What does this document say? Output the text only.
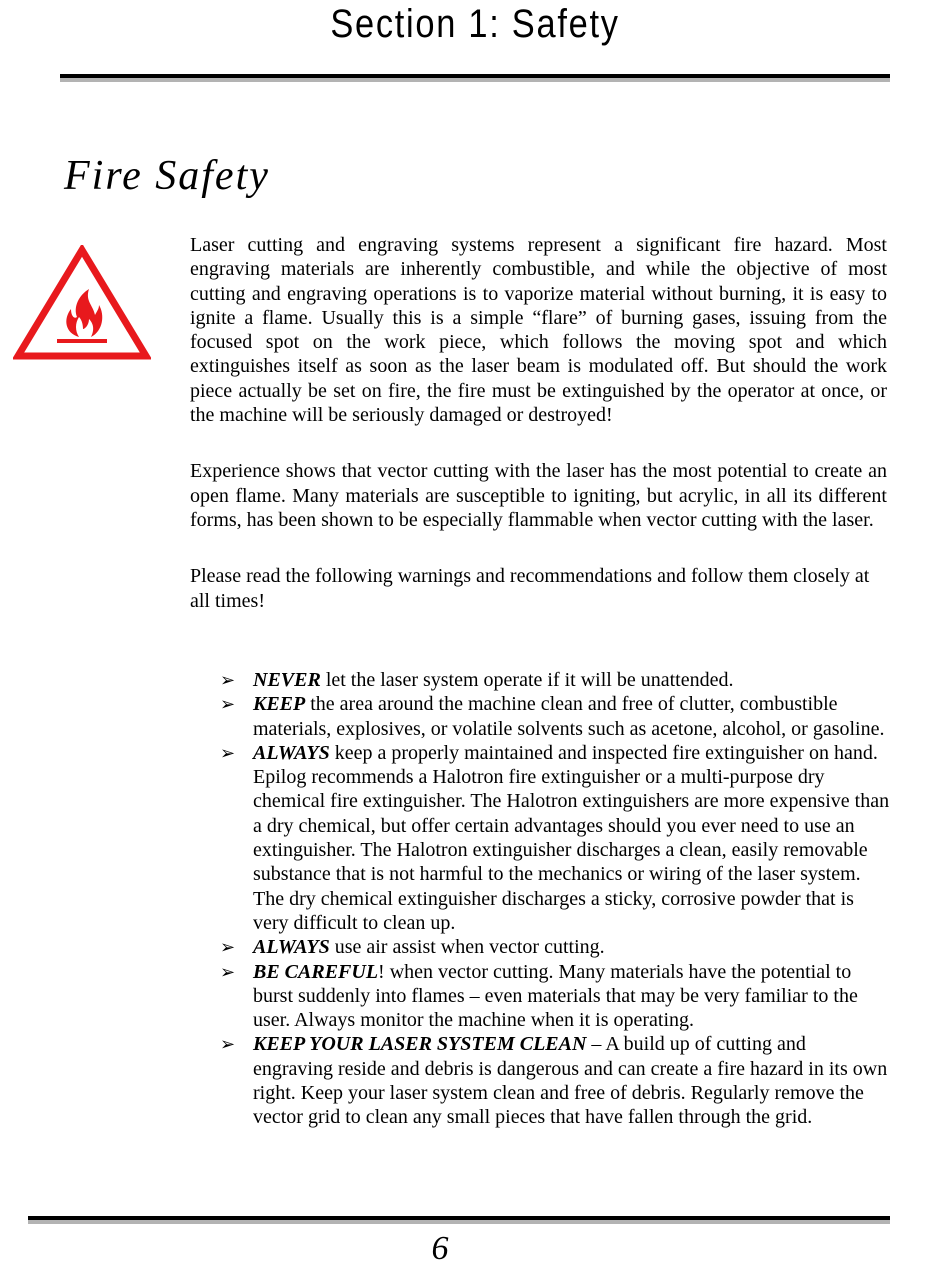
Section 1: Safety
Fire Safety

Laser cutting and engraving systems represent a significant fire hazard. Most engraving materials are inherently combustible, and while the objective of most cutting and engraving operations is to vaporize material without burning, it is easy to ignite a flame. Usually this is a simple “flare” of burning gases, issuing from the focused spot on the work piece, which follows the moving spot and which extinguishes itself as soon as the laser beam is modulated off. But should the work piece actually be set on fire, the fire must be extinguished by the operator at once, or the machine will be seriously damaged or destroyed!

Experience shows that vector cutting with the laser has the most potential to create an open flame. Many materials are susceptible to igniting, but acrylic, in all its different forms, has been shown to be especially flammable when vector cutting with the laser.

Please read the following warnings and recommendations and follow them closely at all times!

➢ NEVER let the laser system operate if it will be unattended.
➢ KEEP the area around the machine clean and free of clutter, combustible materials, explosives, or volatile solvents such as acetone, alcohol, or gasoline.
➢ ALWAYS keep a properly maintained and inspected fire extinguisher on hand. Epilog recommends a Halotron fire extinguisher or a multi-purpose dry chemical fire extinguisher. The Halotron extinguishers are more expensive than a dry chemical, but offer certain advantages should you ever need to use an extinguisher. The Halotron extinguisher discharges a clean, easily removable substance that is not harmful to the mechanics or wiring of the laser system. The dry chemical extinguisher discharges a sticky, corrosive powder that is very difficult to clean up.
➢ ALWAYS use air assist when vector cutting.
➢ BE CAREFUL! when vector cutting. Many materials have the potential to burst suddenly into flames – even materials that may be very familiar to the user. Always monitor the machine when it is operating.
➢ KEEP YOUR LASER SYSTEM CLEAN – A build up of cutting and engraving reside and debris is dangerous and can create a fire hazard in its own right. Keep your laser system clean and free of debris. Regularly remove the vector grid to clean any small pieces that have fallen through the grid.
6
